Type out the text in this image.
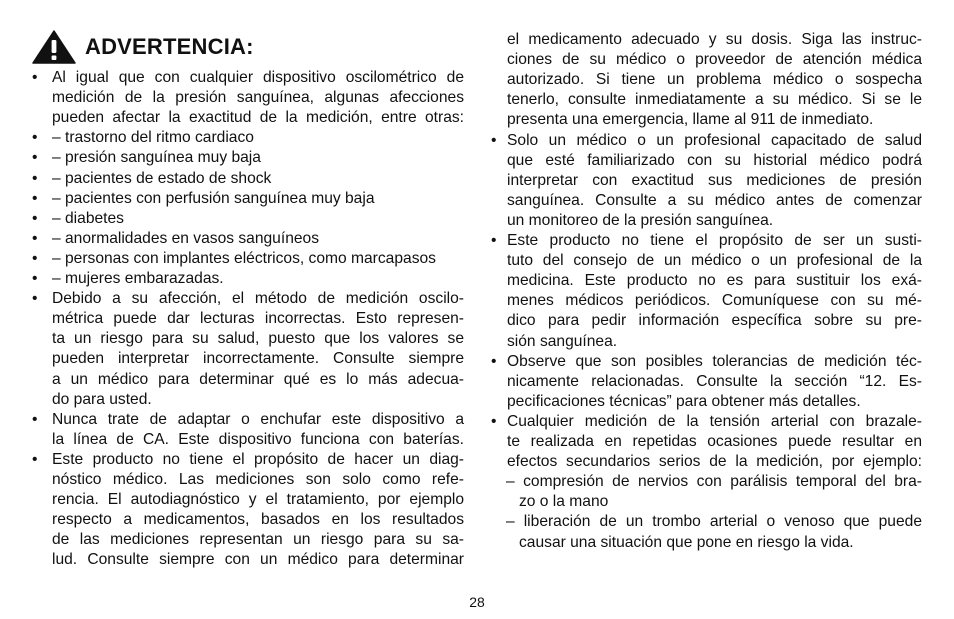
ADVERTENCIA:
• Al igual que con cualquier dispositivo oscilométrico de
medición de la presión sanguínea, algunas afecciones
pueden afectar la exactitud de la medición, entre otras:
• – trastorno del ritmo cardiaco
• – presión sanguínea muy baja
• – pacientes de estado de shock
• – pacientes con perfusión sanguínea muy baja
• – diabetes
• – anormalidades en vasos sanguíneos
• – personas con implantes eléctricos, como marcapasos
• – mujeres embarazadas.
• Debido a su afección, el método de medición oscilo-
métrica puede dar lecturas incorrectas. Esto represen-
ta un riesgo para su salud, puesto que los valores se
pueden interpretar incorrectamente. Consulte siempre
a un médico para determinar qué es lo más adecua-
do para usted.
• Nunca trate de adaptar o enchufar este dispositivo a
la línea de CA. Este dispositivo funciona con baterías.
• Este producto no tiene el propósito de hacer un diag-
nóstico médico. Las mediciones son solo como refe-
rencia. El autodiagnóstico y el tratamiento, por ejemplo
respecto a medicamentos, basados en los resultados
de las mediciones representan un riesgo para su sa-
lud. Consulte siempre con un médico para determinar
el medicamento adecuado y su dosis. Siga las instruc-
ciones de su médico o proveedor de atención médica
autorizado. Si tiene un problema médico o sospecha
tenerlo, consulte inmediatamente a su médico. Si se le
presenta una emergencia, llame al 911 de inmediato.
• Solo un médico o un profesional capacitado de salud
que esté familiarizado con su historial médico podrá
interpretar con exactitud sus mediciones de presión
sanguínea. Consulte a su médico antes de comenzar
un monitoreo de la presión sanguínea.
• Este producto no tiene el propósito de ser un susti-
tuto del consejo de un médico o un profesional de la
medicina. Este producto no es para sustituir los exá-
menes médicos periódicos. Comuníquese con su mé-
dico para pedir información específica sobre su pre-
sión sanguínea.
• Observe que son posibles tolerancias de medición téc-
nicamente relacionadas. Consulte la sección “12. Es-
pecificaciones técnicas” para obtener más detalles.
• Cualquier medición de la tensión arterial con brazale-
te realizada en repetidas ocasiones puede resultar en
efectos secundarios serios de la medición, por ejemplo:
– compresión de nervios con parálisis temporal del bra-
zo o la mano
– liberación de un trombo arterial o venoso que puede
causar una situación que pone en riesgo la vida.
28
